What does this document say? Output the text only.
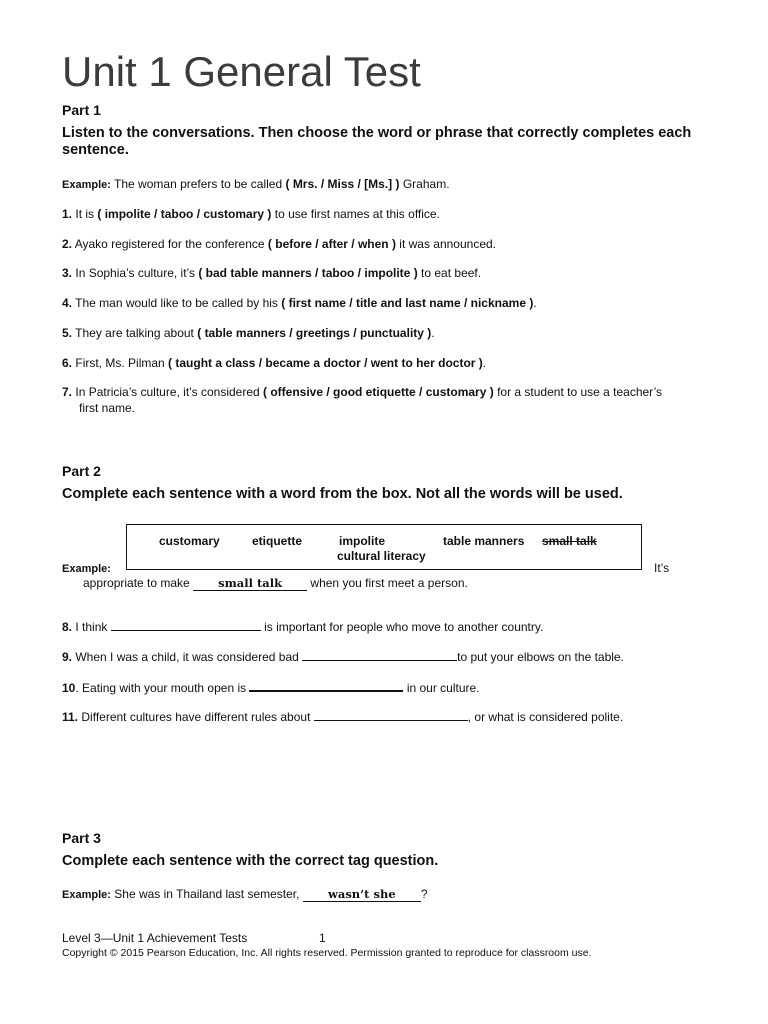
Unit 1 General Test
Part 1
Listen to the conversations. Then choose the word or phrase that correctly completes each sentence.
Example: The woman prefers to be called ( Mrs. / Miss / [Ms.] ) Graham.
1. It is ( impolite / taboo / customary ) to use first names at this office.
2. Ayako registered for the conference ( before / after / when ) it was announced.
3. In Sophia’s culture, it’s ( bad table manners / taboo / impolite ) to eat beef.
4. The man would like to be called by his ( first name / title and last name / nickname ).
5. They are talking about ( table manners / greetings / punctuality ).
6. First, Ms. Pilman ( taught a class / became a doctor / went to her doctor ).
7. In Patricia’s culture, it’s considered ( offensive / good etiquette / customary ) for a student to use a teacher’s
first name.
Part 2
Complete each sentence with a word from the box. Not all the words will be used.
customary	etiquette	impolite	table manners small talk
cultural literacy
Example:	It’s
appropriate to make small talk when you first meet a person.
8. I think	is important for people who move to another country.
9. When I was a child, it was considered bad	to put your elbows on the table.
10. Eating with your mouth open is	in our culture.
11. Different cultures have different rules about	, or what is considered polite.
Part 3
Complete each sentence with the correct tag question.
Example: She was in Thailand last semester, wasn’t she ?
Level 3—Unit 1 Achievement Tests	1
Copyright © 2015 Pearson Education, Inc. All rights reserved. Permission granted to reproduce for classroom use.
